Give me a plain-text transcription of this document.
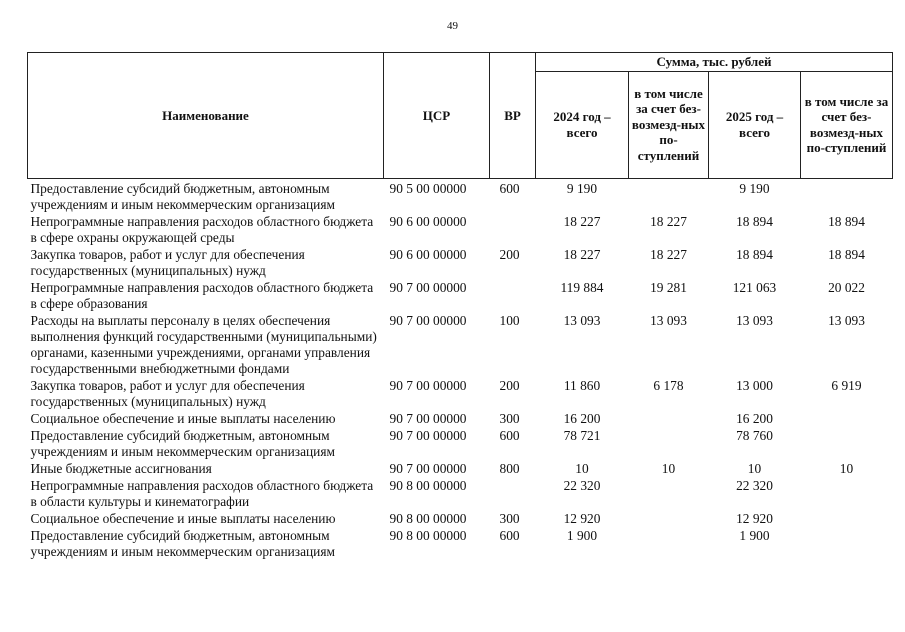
49
Наименование	ЦСР	ВР	Сумма, тыс. рублей			
			2024 год – всего	в том числе за счет без-возмезд-ных по-ступлений	2025 год – всего	в том числе за счет без-возмезд-ных по-ступлений
Предоставление субсидий бюджетным, автономным учреждениям и иным некоммерческим организациям	90 5 00 00000	600	9 190		9 190	
Непрограммные направления расходов областного бюджета в сфере охраны окружающей среды	90 6 00 00000		18 227	18 227	18 894	18 894
Закупка товаров, работ и услуг для обеспечения государственных (муниципальных) нужд	90 6 00 00000	200	18 227	18 227	18 894	18 894
Непрограммные направления расходов областного бюджета в сфере образования	90 7 00 00000		119 884	19 281	121 063	20 022
Расходы на выплаты персоналу в целях обеспечения выполнения функций государственными (муниципальными) органами, казенными учреждениями, органами управления государственными внебюджетными фондами	90 7 00 00000	100	13 093	13 093	13 093	13 093
Закупка товаров, работ и услуг для обеспечения государственных (муниципальных) нужд	90 7 00 00000	200	11 860	6 178	13 000	6 919
Социальное обеспечение и иные выплаты населению	90 7 00 00000	300	16 200		16 200	
Предоставление субсидий бюджетным, автономным учреждениям и иным некоммерческим организациям	90 7 00 00000	600	78 721		78 760	
Иные бюджетные ассигнования	90 7 00 00000	800	10	10	10	10
Непрограммные направления расходов областного бюджета в области культуры и кинематографии	90 8 00 00000		22 320		22 320	
Социальное обеспечение и иные выплаты населению	90 8 00 00000	300	12 920		12 920	
Предоставление субсидий бюджетным, автономным учреждениям и иным некоммерческим организациям	90 8 00 00000	600	1 900		1 900	
